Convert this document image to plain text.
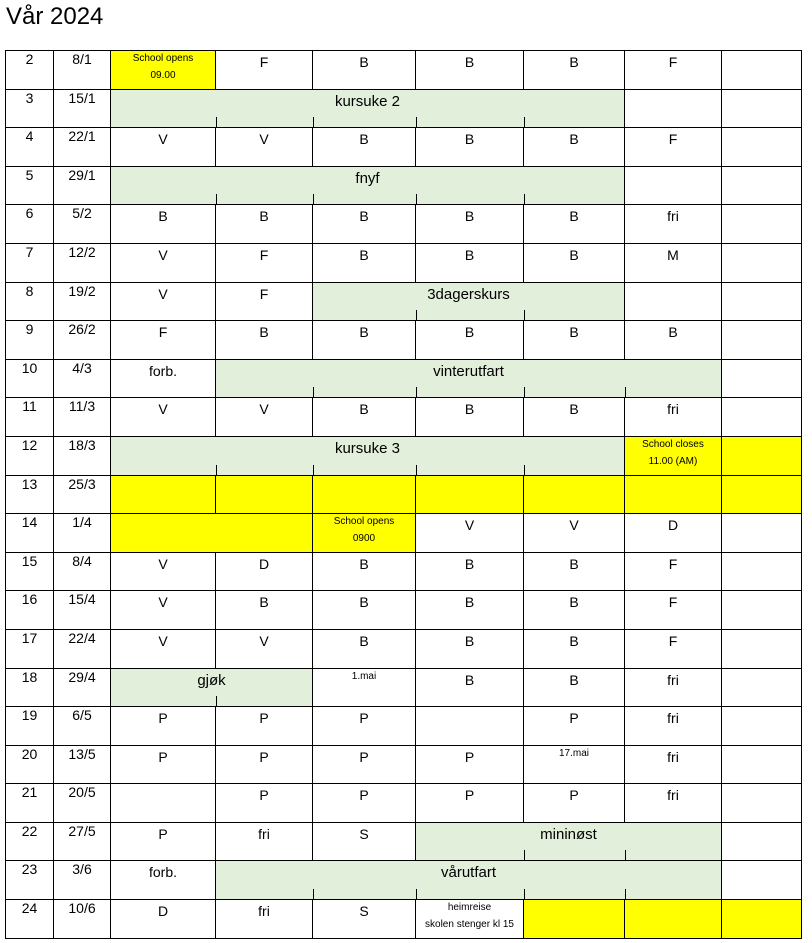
Vår 2024
2	8/1	School opens
09.00	F	B	B	B	F	

3	15/1	kursuke 2						

4	22/1	V	V	B	B	B	F	

5	29/1	fnyf						

6	5/2	B	B	B	B	B	fri	

7	12/2	V	F	B	B	B	M	

8	19/2	V	F	3dagerskurs				

9	26/2	F	B	B	B	B	B	

10	4/3	forb.	vinterutfart					

11	11/3	V	V	B	B	B	fri	

12	18/3	kursuke 3					School closes
11.00 (AM)	

13	25/3	

14	1/4			School opens
0900	V	V	D	

15	8/4	V	D	B	B	B	F	

16	15/4	V	B	B	B	B	F	

17	22/4	V	V	B	B	B	F	

18	29/4	gjøk		1.mai	B	B	fri	

19	6/5	P	P	P		P	fri	

20	13/5	P	P	P	P	17.mai	fri	

21	20/5		P	P	P	P	fri	

22	27/5	P	fri	S	mininøst			

23	3/6	forb.	vårutfart					

24	10/6	D	fri	S	heimreise
skolen stenger kl 15			
